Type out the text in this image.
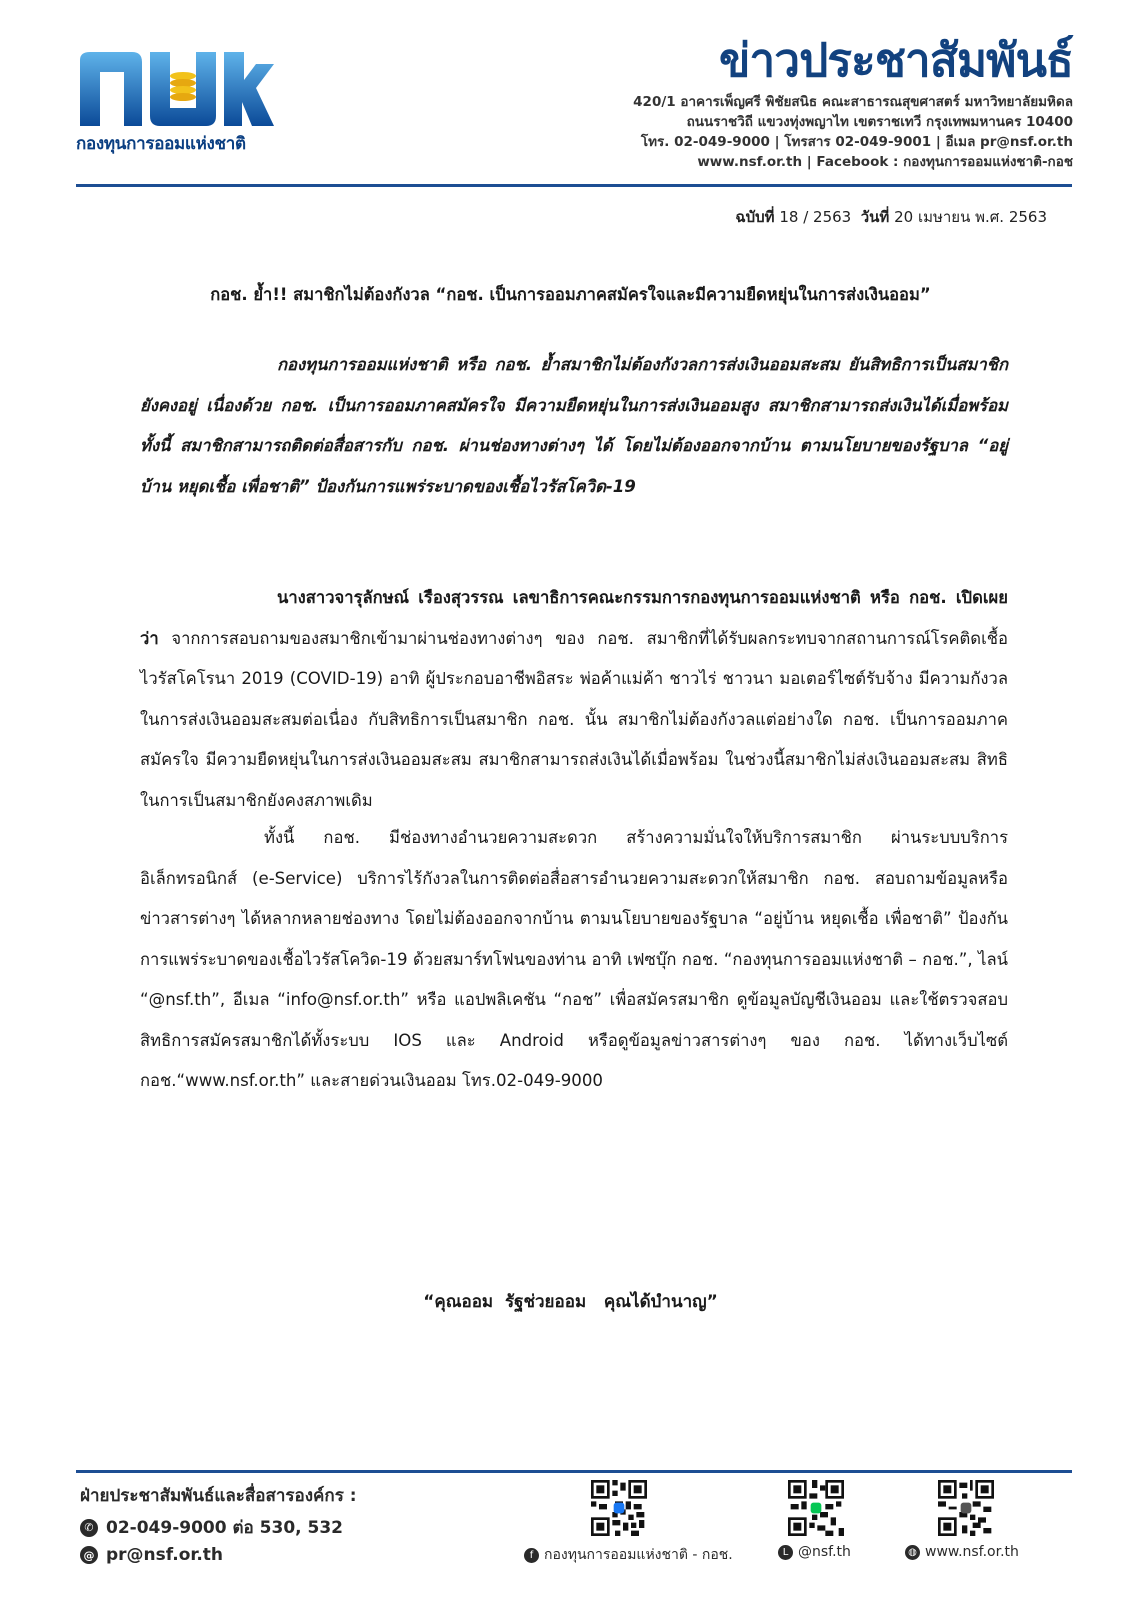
กองทุนการออมแห่งชาติ
ข่าวประชาสัมพันธ์
420/1 อาคารเพ็ญศรี พิชัยสนิธ คณะสาธารณสุขศาสตร์ มหาวิทยาลัยมหิดล
ถนนราชวิถี แขวงทุ่งพญาไท เขตราชเทวี กรุงเทพมหานคร 10400
โทร. 02-049-9000 | โทรสาร 02-049-9001 | อีเมล pr@nsf.or.th
www.nsf.or.th | Facebook : กองทุนการออมแห่งชาติ-กอช
ฉบับที่ 18 / 2563 วันที่ 20 เมษายน พ.ศ. 2563
กอช. ย้ำ!! สมาชิกไม่ต้องกังวล “กอช. เป็นการออมภาคสมัครใจและมีความยืดหยุ่นในการส่งเงินออม”
กองทุนการออมแห่งชาติ หรือ กอช. ย้ำสมาชิกไม่ต้องกังวลการส่งเงินออมสะสม ยันสิทธิการเป็นสมาชิกยังคงอยู่ เนื่องด้วย กอช. เป็นการออมภาคสมัครใจ มีความยืดหยุ่นในการส่งเงินออมสูง สมาชิกสามารถส่งเงินได้เมื่อพร้อม ทั้งนี้ สมาชิกสามารถติดต่อสื่อสารกับ กอช. ผ่านช่องทางต่างๆ ได้ โดยไม่ต้องออกจากบ้าน ตามนโยบายของรัฐบาล “อยู่บ้าน หยุดเชื้อ เพื่อชาติ” ป้องกันการแพร่ระบาดของเชื้อไวรัสโควิด-19
นางสาวจารุลักษณ์ เรืองสุวรรณ เลขาธิการคณะกรรมการกองทุนการออมแห่งชาติ หรือ กอช. เปิดเผยว่า จากการสอบถามของสมาชิกเข้ามาผ่านช่องทางต่างๆ ของ กอช. สมาชิกที่ได้รับผลกระทบจากสถานการณ์โรคติดเชื้อไวรัสโคโรนา 2019 (COVID-19) อาทิ ผู้ประกอบอาชีพอิสระ พ่อค้าแม่ค้า ชาวไร่ ชาวนา มอเตอร์ไซต์รับจ้าง มีความกังวลในการส่งเงินออมสะสมต่อเนื่อง กับสิทธิการเป็นสมาชิก กอช. นั้น สมาชิกไม่ต้องกังวลแต่อย่างใด กอช. เป็นการออมภาคสมัครใจ มีความยืดหยุ่นในการส่งเงินออมสะสม สมาชิกสามารถส่งเงินได้เมื่อพร้อม ในช่วงนี้สมาชิกไม่ส่งเงินออมสะสม สิทธิในการเป็นสมาชิกยังคงสภาพเดิม
ทั้งนี้ กอช. มีช่องทางอำนวยความสะดวก สร้างความมั่นใจให้บริการสมาชิก ผ่านระบบบริการอิเล็กทรอนิกส์ (e-Service) บริการไร้กังวลในการติดต่อสื่อสารอำนวยความสะดวกให้สมาชิก กอช. สอบถามข้อมูลหรือข่าวสารต่างๆ ได้หลากหลายช่องทาง โดยไม่ต้องออกจากบ้าน ตามนโยบายของรัฐบาล “อยู่บ้าน หยุดเชื้อ เพื่อชาติ” ป้องกันการแพร่ระบาดของเชื้อไวรัสโควิด-19 ด้วยสมาร์ทโฟนของท่าน อาทิ เฟซบุ๊ก กอช. “กองทุนการออมแห่งชาติ – กอช.”, ไลน์ “@nsf.th”, อีเมล “info@nsf.or.th” หรือ แอปพลิเคชัน “กอช” เพื่อสมัครสมาชิก ดูข้อมูลบัญชีเงินออม และใช้ตรวจสอบสิทธิการสมัครสมาชิกได้ทั้งระบบ IOS และ Android หรือดูข้อมูลข่าวสารต่างๆ ของ กอช. ได้ทางเว็บไซต์ กอช.“www.nsf.or.th” และสายด่วนเงินออม โทร.02-049-9000
“คุณออม  รัฐช่วยออม   คุณได้บำนาญ”
ฝ่ายประชาสัมพันธ์และสื่อสารองค์กร :
✆ 02-049-9000 ต่อ 530, 532
@ pr@nsf.or.th	f กองทุนการออมแห่งชาติ - กอช.	L @nsf.th	◍ www.nsf.or.th
